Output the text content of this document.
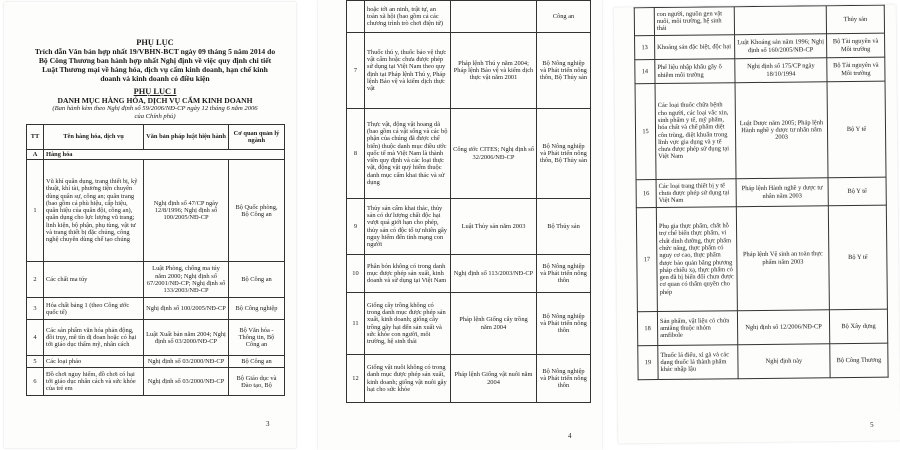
PHỤ LỤC
Trích dẫn Văn bản hợp nhất 19/VBHN-BCT ngày 09 tháng 5 năm 2014 do
Bộ Công Thương ban hành hợp nhất Nghị định về việc quy định chi tiết
Luật Thương mại về hàng hóa, dịch vụ cấm kinh doanh, hạn chế kinh
doanh và kinh doanh có điều kiện
PHỤ LỤC I
DANH MỤC HÀNG HÓA, DỊCH VỤ CẤM KINH DOANH
(Ban hành kèm theo Nghị định số 59/2006/NĐ-CP ngày 12 tháng 6 năm 2006
của Chính phủ)
TT	Tên hàng hóa, dịch vụ	Văn bản pháp luật hiện hành	Cơ quan quản lý ngành
A	Hàng hóa		
1	Vũ khí quân dụng, trang thiết bị, kỹ thuật, khí tài, phương tiện chuyên dùng quân sự, công an; quân trang (bao gồm cả phù hiệu, cấp hiệu, quân hiệu của quân đội, công an), quân dụng cho lực lượng vũ trang; linh kiện, bộ phận, phụ tùng, vật tư và trang thiết bị đặc chủng, công nghệ chuyên dùng chế tạo chúng	Nghị định số 47/CP ngày 12/8/1996; Nghị định số 100/2005/NĐ-CP	Bộ Quốc phòng, Bộ Công an
2	Các chất ma túy	Luật Phòng, chống ma túy năm 2000; Nghị định số 67/2001/NĐ-CP; Nghị định số 133/2003/NĐ-CP	Bộ Công an
3	Hóa chất bảng 1 (theo Công ước quốc tế)	Nghị định số 100/2005/NĐ-CP	Bộ Công nghiệp
4	Các sản phẩm văn hóa phản động, đồi trụy, mê tín dị đoan hoặc có hại tới giáo dục thẩm mỹ, nhân cách	Luật Xuất bản năm 2004; Nghị định số 03/2000/NĐ-CP	Bộ Văn hóa - Thông tin, Bộ Công an
5	Các loại pháo	Nghị định số 03/2000/NĐ-CP	Bộ Công an
6	Đồ chơi nguy hiểm, đồ chơi có hại tới giáo dục nhân cách và sức khỏe của trẻ em	Nghị định số 03/2000/NĐ-CP	Bộ Giáo dục và Đào tạo, Bộ
3
	hoặc tới an ninh, trật tự, an toàn xã hội (bao gồm cả các chương trình trò chơi điện tử)		Công an
7	Thuốc thú y, thuốc bảo vệ thực vật cấm hoặc chưa được phép sử dụng tại Việt Nam theo quy định tại Pháp lệnh Thú y, Pháp lệnh Bảo vệ và kiểm dịch thực vật	Pháp lệnh Thú y năm 2004; Pháp lệnh Bảo vệ và kiểm dịch thực vật năm 2001	Bộ Nông nghiệp và Phát triển nông thôn, Bộ Thủy sản
8	Thực vật, động vật hoang dã (bao gồm cả vật sống và các bộ phận của chúng đã được chế biến) thuộc danh mục điều ước quốc tế mà Việt Nam là thành viên quy định và các loại thực vật, động vật quý hiếm thuộc danh mục cấm khai thác và sử dụng	Công ước CITES; Nghị định số 32/2006/NĐ-CP	Bộ Nông nghiệp và Phát triển nông thôn, Bộ Thủy sản
9	Thủy sản cấm khai thác, thủy sản có dư lượng chất độc hại vượt quá giới hạn cho phép, thủy sản có độc tố tự nhiên gây nguy hiểm đến tính mạng con người	Luật Thủy sản năm 2003	Bộ Thủy sản
10	Phân bón không có trong danh mục được phép sản xuất, kinh doanh và sử dụng tại Việt Nam	Nghị định số 113/2003/NĐ-CP	Bộ Nông nghiệp và Phát triển nông thôn
11	Giống cây trồng không có trong danh mục được phép sản xuất, kinh doanh; giống cây trồng gây hại đến sản xuất và sức khỏe con người, môi trường, hệ sinh thái	Pháp lệnh Giống cây trồng năm 2004	Bộ Nông nghiệp và Phát triển nông thôn
12	Giống vật nuôi không có trong danh mục được phép sản xuất, kinh doanh; giống vật nuôi gây hại cho sức khỏe	Pháp lệnh Giống vật nuôi năm 2004	Bộ Nông nghiệp và Phát triển nông thôn
4
	con người, nguồn gen vật nuôi, môi trường, hệ sinh thái		Thủy sản
13	Khoáng sản đặc biệt, độc hại	Luật Khoáng sản năm 1996; Nghị định số 160/2005/NĐ-CP	Bộ Tài nguyên và Môi trường
14	Phế liệu nhập khẩu gây ô nhiễm môi trường	Nghị định số 175/CP ngày 18/10/1994	Bộ Tài nguyên và Môi trường
15	Các loại thuốc chữa bệnh cho người, các loại vắc xin, sinh phẩm y tế, mỹ phẩm, hóa chất và chế phẩm diệt côn trùng, diệt khuẩn trong lĩnh vực gia dụng và y tế chưa được phép sử dụng tại Việt Nam	Luật Dược năm 2005; Pháp lệnh Hành nghề y dược tư nhân năm 2003	Bộ Y tế
16	Các loại trang thiết bị y tế chưa được phép sử dụng tại Việt Nam	Pháp lệnh Hành nghề y dược tư nhân năm 2003	Bộ Y tế
17	Phụ gia thực phẩm, chất hỗ trợ chế biến thực phẩm, vi chất dinh dưỡng, thực phẩm chức năng, thực phẩm có nguy cơ cao, thực phẩm được bảo quản bằng phương pháp chiếu xạ, thực phẩm có gen đã bị biến đổi chưa được cơ quan có thẩm quyền cho phép	Pháp lệnh Vệ sinh an toàn thực phẩm năm 2003	Bộ Y tế
18	Sản phẩm, vật liệu có chứa amiăng thuộc nhóm amfibole	Nghị định số 12/2006/NĐ-CP	Bộ Xây dựng
19	Thuốc lá điếu, xì gà và các dạng thuốc lá thành phẩm khác nhập lậu	Nghị định này	Bộ Công Thương
5
